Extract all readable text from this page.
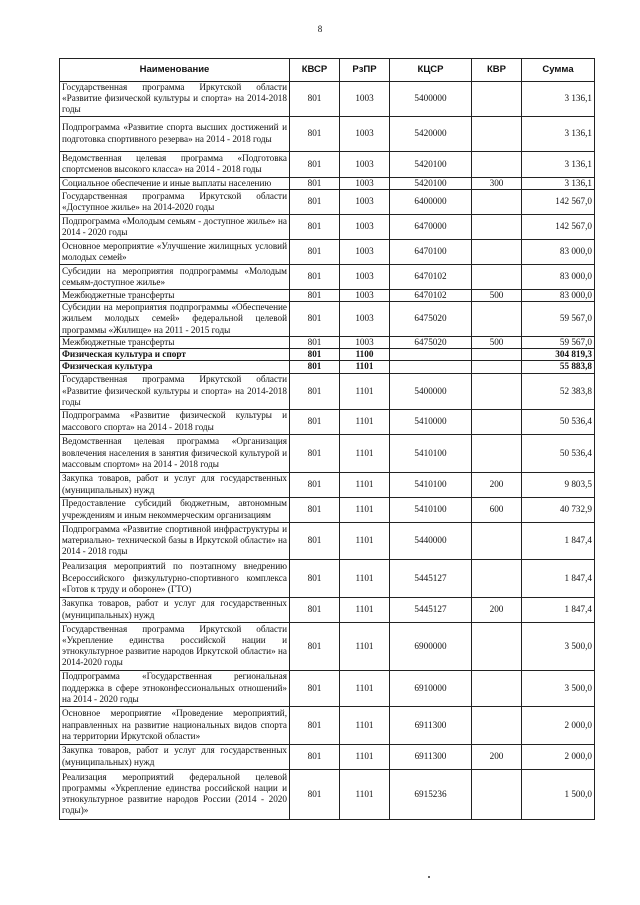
8
Наименование	КВСР	РзПР	КЦСР	КВР	Сумма
Государственная программа Иркутской области «Развитие физической культуры и спорта» на 2014-2018 годы	801	1003	5400000		3 136,1
Подпрограмма «Развитие спорта высших достижений и подготовка спортивного резерва» на 2014 - 2018 годы	801	1003	5420000		3 136,1
Ведомственная целевая программа «Подготовка спортсменов высокого класса» на 2014 - 2018 годы	801	1003	5420100		3 136,1
Социальное обеспечение и иные выплаты населению	801	1003	5420100	300	3 136,1
Государственная программа Иркутской области «Доступное жилье» на 2014-2020 годы	801	1003	6400000		142 567,0
Подпрограмма «Молодым семьям - доступное жилье» на 2014 - 2020 годы	801	1003	6470000		142 567,0
Основное мероприятие «Улучшение жилищных условий молодых семей»	801	1003	6470100		83 000,0
Субсидии на мероприятия подпрограммы «Молодым семьям-доступное жилье»	801	1003	6470102		83 000,0
Межбюджетные трансферты	801	1003	6470102	500	83 000,0
Субсидии на мероприятия подпрограммы «Обеспечение жильем молодых семей» федеральной целевой программы «Жилище» на 2011 - 2015 годы	801	1003	6475020		59 567,0
Межбюджетные трансферты	801	1003	6475020	500	59 567,0
Физическая культура и спорт	801	1100			304 819,3
Физическая культура	801	1101			55 883,8
Государственная программа Иркутской области «Развитие физической культуры и спорта» на 2014-2018 годы	801	1101	5400000		52 383,8
Подпрограмма «Развитие физической культуры и массового спорта» на 2014 - 2018 годы	801	1101	5410000		50 536,4
Ведомственная целевая программа «Организация вовлечения населения в занятия физической культурой и массовым спортом» на 2014 - 2018 годы	801	1101	5410100		50 536,4
Закупка товаров, работ и услуг для государственных (муниципальных) нужд	801	1101	5410100	200	9 803,5
Предоставление субсидий бюджетным, автономным учреждениям и иным некоммерческим организациям	801	1101	5410100	600	40 732,9
Подпрограмма «Развитие спортивной инфраструктуры и материально- технической базы в Иркутской области» на 2014 - 2018 годы	801	1101	5440000		1 847,4
Реализация мероприятий по поэтапному внедрению Всероссийского физкультурно-спортивного комплекса «Готов к труду и обороне» (ГТО)	801	1101	5445127		1 847,4
Закупка товаров, работ и услуг для государственных (муниципальных) нужд	801	1101	5445127	200	1 847,4
Государственная программа Иркутской области «Укрепление единства российской нации и этнокультурное развитие народов Иркутской области» на 2014-2020 годы	801	1101	6900000		3 500,0
Подпрограмма «Государственная региональная поддержка в сфере этноконфессиональных отношений» на 2014 - 2020 годы	801	1101	6910000		3 500,0
Основное мероприятие «Проведение мероприятий, направленных на развитие национальных видов спорта на территории Иркутской области»	801	1101	6911300		2 000,0
Закупка товаров, работ и услуг для государственных (муниципальных) нужд	801	1101	6911300	200	2 000,0
Реализация мероприятий федеральной целевой программы «Укрепление единства российской нации и этнокультурное развитие народов России (2014 - 2020 годы)»	801	1101	6915236		1 500,0
